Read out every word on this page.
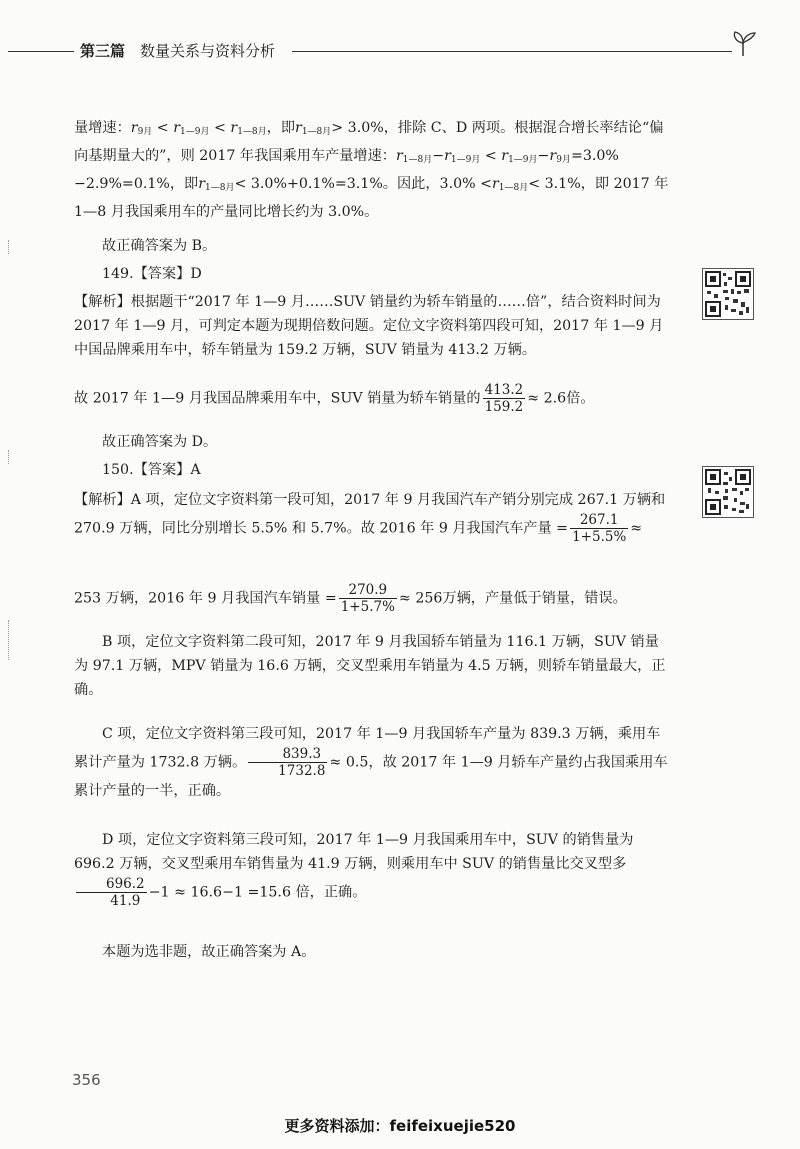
第三篇 数量关系与资料分析

量增速：$r_{9月} < r_{1—9月} < r_{1—8月}$，即$r_{1—8月}> 3.0\%$，排除 C、D 两项。根据混合增长率结论“偏向基期量大的”，则 2017 年我国乘用车产量增速：$r_{1—8月}-r_{1—9月} < r_{1—9月}-r_{9月}=3.0\%-2.9\%=0.1\%$，即$r_{1—8月}< 3.0\%+0.1\%=3.1\%$。因此，$3.0\% <r_{1—8月}< 3.1\%$，即 2017 年 1—8 月我国乘用车的产量同比增长约为 3.0%。

故正确答案为 B。

149.【答案】D

【解析】根据题干“2017 年 1—9 月……SUV 销量约为轿车销量的……倍”，结合资料时间为 2017 年 1—9 月，可判定本题为现期倍数问题。定位文字资料第四段可知，2017 年 1—9 月中国品牌乘用车中，轿车销量为 159.2 万辆，SUV 销量为 413.2 万辆。

故 2017 年 1—9 月我国品牌乘用车中，SUV 销量为轿车销量的 $\frac{413.2}{159.2} \approx 2.6$倍。

故正确答案为 D。

150.【答案】A

【解析】A 项，定位文字资料第一段可知，2017 年 9 月我国汽车产销分别完成 267.1 万辆和 270.9 万辆，同比分别增长 5.5% 和 5.7%。故 2016 年 9 月我国汽车产量 = $\frac{267.1}{1+5.5\%}$ ≈

253 万辆，2016 年 9 月我国汽车销量 = $\frac{270.9}{1+5.7\%} \approx 256$万辆，产量低于销量，错误。

B 项，定位文字资料第二段可知，2017 年 9 月我国轿车销量为 116.1 万辆，SUV 销量为 97.1 万辆，MPV 销量为 16.6 万辆，交叉型乘用车销量为 4.5 万辆，则轿车销量最大，正确。

C 项，定位文字资料第三段可知，2017 年 1—9 月我国轿车产量为 839.3 万辆，乘用车累计产量为 1732.8 万辆。 $\frac{839.3}{1732.8} \approx 0.5$，故 2017 年 1—9 月轿车产量约占我国乘用车累计产量的一半，正确。

D 项，定位文字资料第三段可知，2017 年 1—9 月我国乘用车中，SUV 的销售量为 696.2 万辆，交叉型乘用车销售量为 41.9 万辆，则乘用车中 SUV 的销售量比交叉型多
$\frac{696.2}{41.9} -1 \approx 16.6-1 =15.6$ 倍，正确。

本题为选非题，故正确答案为 A。

356
更多资料添加：feifeixuejie520
